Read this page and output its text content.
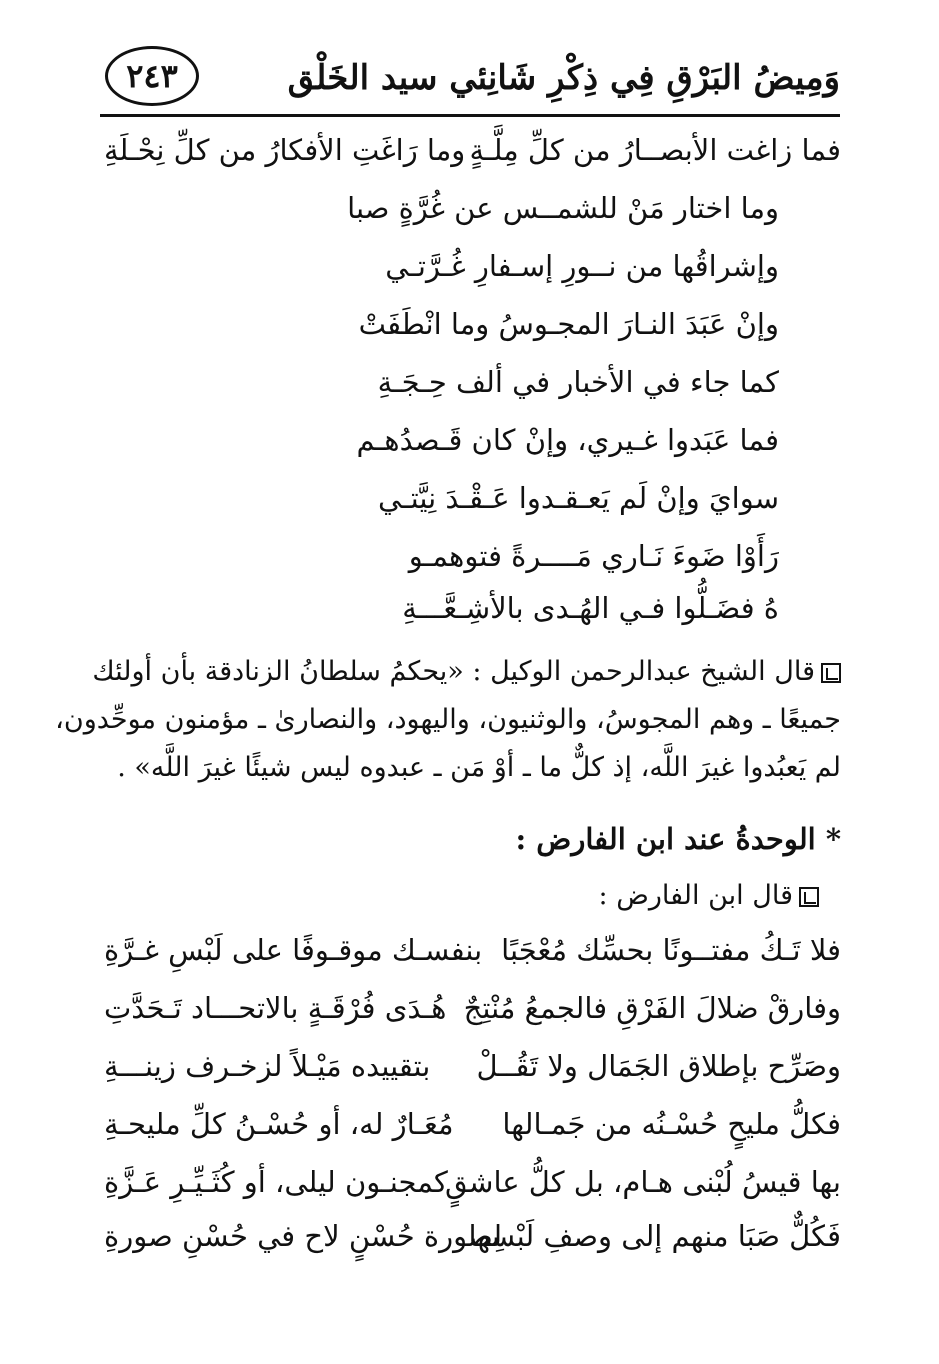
وَمِيضُ البَرْقِ فِي ذِكْرِ شَانِئي سيد الخَلْق
٢٤٣
فما زاغت الأبصــارُ من كلِّ مِلَّـةٍ
وما رَاغَتِ الأفكارُ من كلِّ نِحْـلَةِ
وما اختار مَنْ للشمــس عن غُرَّةٍ صبا
وإشراقُها من نــورِ إسـفارِ غُـرَّتـي
وإنْ عَبَدَ النـارَ المجـوسُ وما انْطَفَتْ
كما جاء في الأخبار في ألف حِـجَـةِ
فما عَبَدوا غـيري، وإنْ كان قَـصدُهـم
سوايَ وإنْ لَم يَعـقـدوا عَـقْـدَ نِيَّتـي
رَأَوْا ضَوءَ نَـاري مَــــرةً فتوهمـو
هُ فضَـلُّوا فـي الهُـدى بالأشِـعَّـــةِ
قال الشيخ عبدالرحمن الوكيل : «يحكمُ سلطانُ الزنادقة بأن أولئك
جميعًا ـ وهم المجوسُ، والوثنيون، واليهود، والنصارىٰ ـ مؤمنون موحِّدون،
لم يَعبُدوا غيرَ اللَّه، إذ كلٌّ ما ـ أوْ مَن ـ عبدوه ليس شيئًا غيرَ اللَّه» .
* الوحدةُ عند ابن الفارض :
قال ابن الفارض :
فلا تَـكُ مفتــونًا بحسِّك مُعْجَبًا
بنفسـك موقـوفًا على لَبْسِ غـرَّةِ
وفارقْ ضلالَ الفَرْقِ فالجمعُ مُنْتِجٌ
هُـدَى فُرْقَـةٍ بالاتحـــاد تَـحَدَّتِ
وصَرِّح بإطلاق الجَمَال ولا تَقُــلْ
بتقييده مَيْـلاً لزخـرف زينـــةِ
فكلُّ مليحٍ حُسْـنُه من جَمـالها
مُعَـارٌ له، أو حُسْـنُ كلِّ مليحـةِ
بها قيسُ لُبْنى هـام، بل كلُّ عاشقٍ
كمجنـون ليلى، أو كُثَـيِّـرِ عَـزَّةِ
فَكُلٌّ صَبَا منهم إلى وصفِ لَبْسِها
لصورة حُسْنٍ لاح في حُسْنِ صورةِ
